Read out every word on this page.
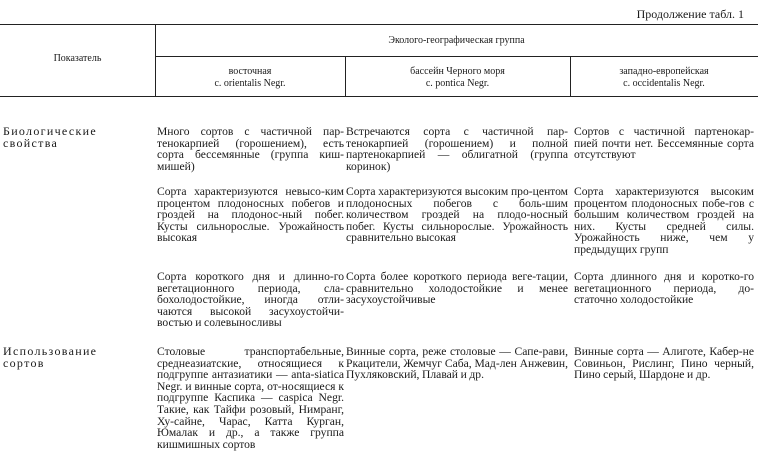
Продолжение табл. 1
Показатель
Эколого-географическая группа
восточная
c. orientalis Negr.
бассейн Черного моря
c. pontica Negr.
западно-европейская
c. occidentalis Negr.
Биологические
свойства
Много сортов с частичной пар-тенокарпией (горошением), есть сорта бессемянные (группа киш-мишей)
Встречаются сорта с частичной пар-тенокарпией (горошением) и полной партенокарпией — облигатной (группа коринок)
Сортов с частичной партенокар-пией почти нет. Бессемянные сорта отсутствуют
Сорта характеризуются невысо-ким процентом плодоносных побегов и гроздей на плодонос-ный побег. Кусты сильнорослые. Урожайность высокая
Сорта характеризуются высоким про-центом плодоносных побегов с боль-шим количеством гроздей на плодо-носный побег. Кусты сильнорослые. Урожайность сравнительно высокая
Сорта характеризуются высоким процентом плодоносных побе-гов с большим количеством гроздей на них. Кусты средней силы. Урожайность ниже, чем у предыдущих групп
Сорта короткого дня и длинно-го вегетационного периода, сла-бохолодостойкие, иногда отли-чаются высокой засухоустойчи-востью и солевыносливы
Сорта более короткого периода веге-тации, сравнительно холодостойкие и менее засухоустойчивые
Сорта длинного дня и коротко-го вегетационного периода, до-статочно холодостойкие
Использование
сортов
Столовые транспортабельные, среднеазиатские, относящиеся к подгруппе антазиатики — anta-siatica Negr. и винные сорта, от-носящиеся к подгруппе Каспика — caspica Negr. Такие, как Тайфи розовый, Нимранг, Ху-сайне, Чарас, Катта Курган, Юмалак и др., а также группа кишмишных сортов
Винные сорта, реже столовые — Сапе-рави, Ркацители, Жемчуг Саба, Мад-лен Анжевин, Пухляковский, Плавай и др.
Винные сорта — Алиготе, Кабер-не Совиньон, Рислинг, Пино черный, Пино серый, Шардоне и др.
